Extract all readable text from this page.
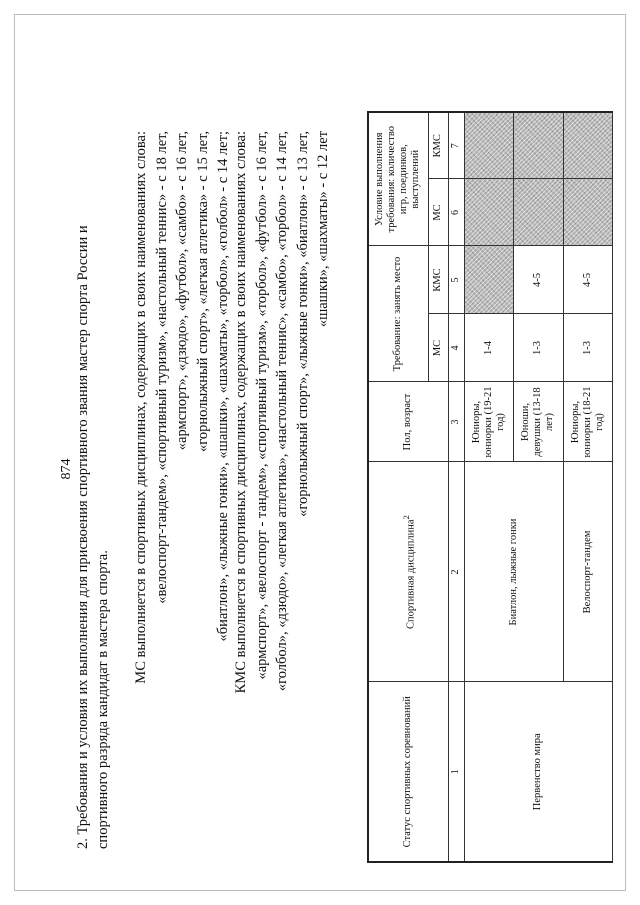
874 2. Требования и условия их выполнения для присвоения спортивного звания мастер спорта России и спортивного разряда кандидат в мастера спорта.
МС выполняется в спортивных дисциплинах, содержащих в своих наименованиях слова: «велоспорт-тандем», «спортивный туризм», «настольный теннис» - с 18 лет, «армспорт», «дзюдо», «футбол», «самбо» - с 16 лет, «горнолыжный спорт», «легкая атлетика» - с 15 лет, «биатлон», «лыжные гонки», «шашки», «шахматы», «торбол», «голбол» - с 14 лет; КМС выполняется в спортивных дисциплинах, содержащих в своих наименованиях слова: «армспорт», «велоспорт - тандем», «спортивный туризм», «торбол», «футбол» - с 16 лет, «голбол», «дзюдо», «легкая атлетика», «настольный теннис», «самбо», «торбол» - с 14 лет, «горнолыжный спорт», «лыжные гонки», «биатлон» - с 13 лет, «шашки», «шахматы» - с 12 лет
Статус спортивных соревнований	Спортивная дисциплина$^2$	Пол, возраст	Требование: занять место		Условие выполнения требования: количество игр, поединков, выступлений	
			МС	КМС	МС	КМС
1	2	3	4	5	6	7
Первенство мира	Биатлон, лыжные гонки	Юниоры, юниорки (19-21 год)	1-4			
		Юноши, девушки (13-18 лет)	1-3	4-5		
	Велоспорт-тандем	Юниоры, юниорки (18-21 год)	1-3	4-5		
